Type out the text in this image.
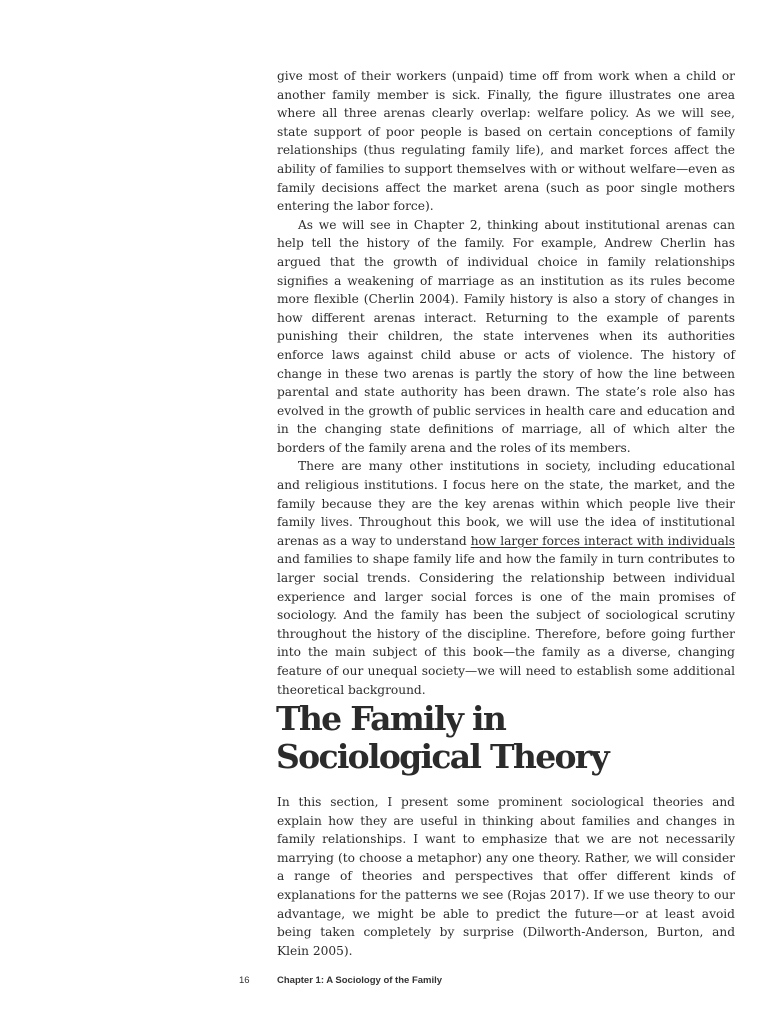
give most of their workers (unpaid) time off from work when a child or another family member is sick. Finally, the figure illustrates one area where all three arenas clearly overlap: welfare policy. As we will see, state support of poor people is based on certain conceptions of family relationships (thus regulating family life), and market forces affect the ability of families to support themselves with or without welfare—even as family decisions affect the market arena (such as poor single mothers entering the labor force).

As we will see in Chapter 2, thinking about institutional arenas can help tell the history of the family. For example, Andrew Cherlin has argued that the growth of individual choice in family relationships signifies a weakening of marriage as an institution as its rules become more flexible (Cherlin 2004). Family history is also a story of changes in how different arenas interact. Returning to the example of parents punishing their children, the state intervenes when its authorities enforce laws against child abuse or acts of violence. The history of change in these two arenas is partly the story of how the line between parental and state authority has been drawn. The state’s role also has evolved in the growth of public services in health care and education and in the changing state definitions of marriage, all of which alter the borders of the family arena and the roles of its members.

There are many other institutions in society, including educational and religious institutions. I focus here on the state, the market, and the family because they are the key arenas within which people live their family lives. Throughout this book, we will use the idea of institutional arenas as a way to understand how larger forces interact with individuals and families to shape family life and how the family in turn contributes to larger social trends. Considering the relationship between individual experience and larger social forces is one of the main promises of sociology. And the family has been the subject of sociological scrutiny throughout the history of the discipline. Therefore, before going further into the main subject of this book—the family as a diverse, changing feature of our unequal society—we will need to establish some additional theoretical background.

The Family in
Sociological Theory

In this section, I present some prominent sociological theories and explain how they are useful in thinking about families and changes in family relationships. I want to emphasize that we are not necessarily marrying (to choose a metaphor) any one theory. Rather, we will consider a range of theories and perspectives that offer different kinds of explanations for the patterns we see (Rojas 2017). If we use theory to our advantage, we might be able to predict the future—or at least avoid being taken completely by surprise (Dilworth-Anderson, Burton, and Klein 2005).

16	Chapter 1: A Sociology of the Family
